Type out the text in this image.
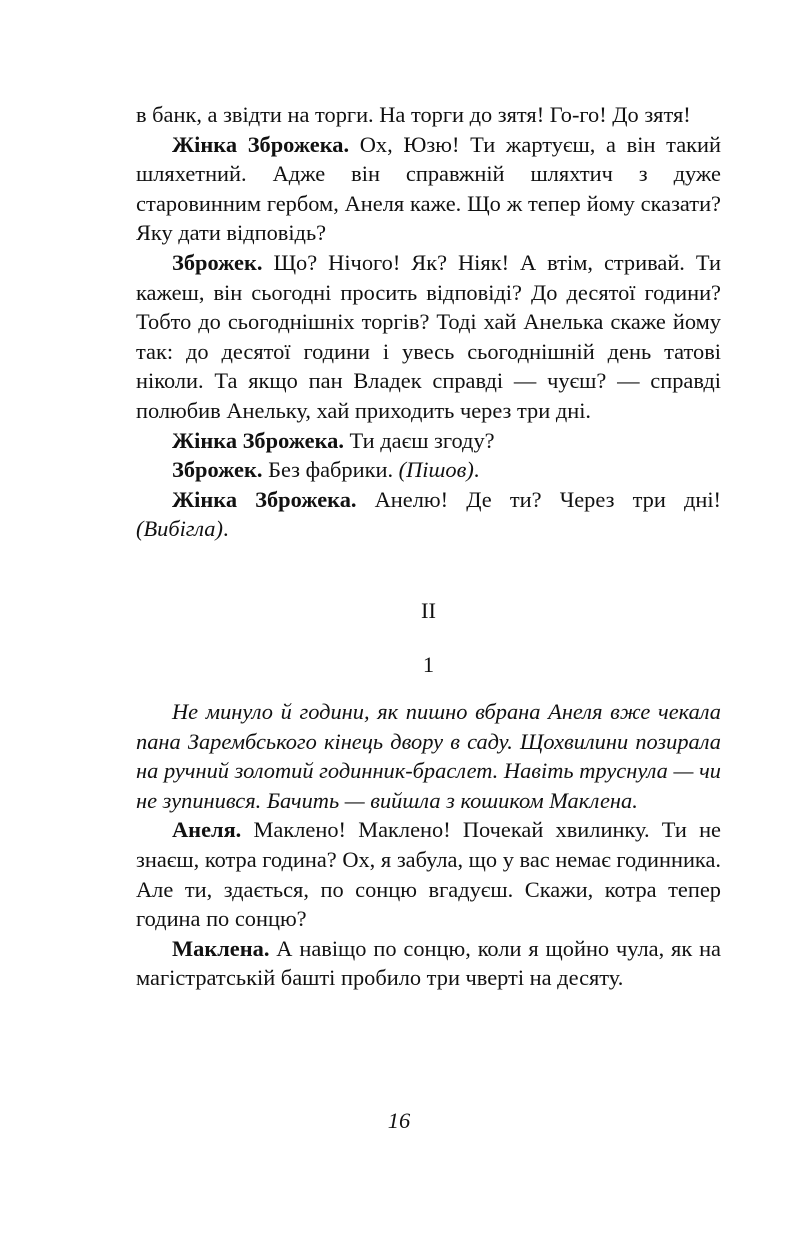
в банк, а звідти на торги. На торги до зятя! Го-го! До зятя!

Жінка Зброжека. Ох, Юзю! Ти жартуєш, а він такий шляхетний. Адже він справжній шляхтич з дуже старовинним гербом, Анеля каже. Що ж тепер йому сказати? Яку дати відповідь?

Зброжек. Що? Нічого! Як? Ніяк! А втім, стривай. Ти кажеш, він сьогодні просить відповіді? До десятої години? Тобто до сьогоднішніх торгів? Тоді хай Анелька скаже йому так: до десятої години і увесь сьогоднішній день татові ніколи. Та якщо пан Владек справді — чуєш? — справді полюбив Анельку, хай приходить через три дні.

Жінка Зброжека. Ти даєш згоду?

Зброжек. Без фабрики. (Пішов).

Жінка Зброжека. Анелю! Де ти? Через три дні! (Вибігла).

II

1

Не минуло й години, як пишно вбрана Анеля вже чекала пана Зарембського кінець двору в саду. Щохвилини позирала на ручний золотий годинник-браслет. Навіть труснула — чи не зупинився. Бачить — вийшла з кошиком Маклена.

Анеля. Маклено! Маклено! Почекай хвилинку. Ти не знаєш, котра година? Ох, я забула, що у вас немає годинника. Але ти, здається, по сонцю вгадуєш. Скажи, котра тепер година по сонцю?

Маклена. А навіщо по сонцю, коли я щойно чула, як на магістратській башті пробило три чверті на десяту.

16
